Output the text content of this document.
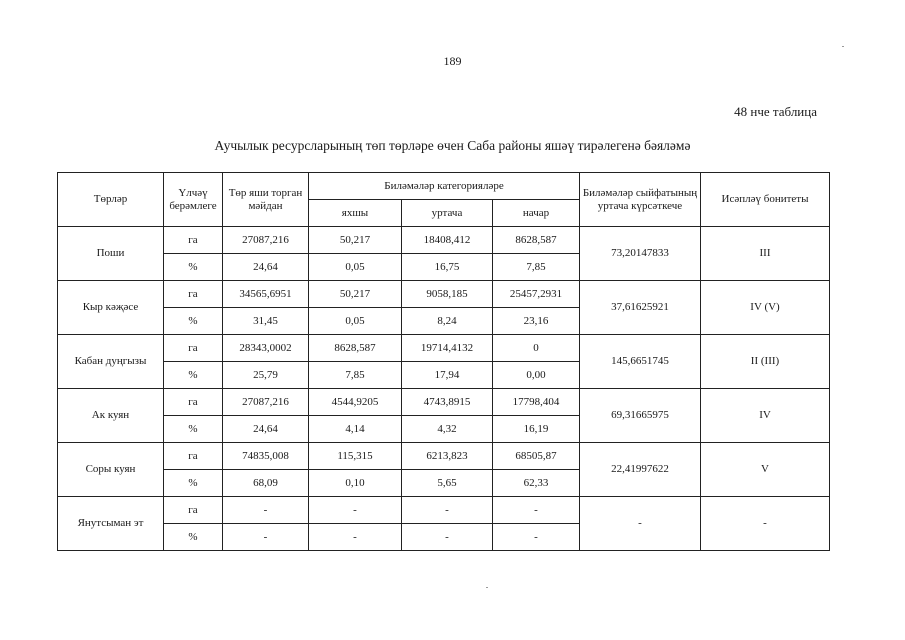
189
48 нче таблица
Аучылык ресурсларының төп төрләре өчен Саба районы яшәү тирәлегенә бәяләмә
Төрләр	Үлчәү берәмлеге	Төр яши торган мәйдан	Биләмәләр категорияләре			Биләмәләр сыйфатының уртача күрсәткече	Исәпләү бонитеты
			яхшы	уртача	начар		
Поши	га	27087,216	50,217	18408,412	8628,587	73,20147833	III
	%	24,64	0,05	16,75	7,85		
Кыр кәҗәсе	га	34565,6951	50,217	9058,185	25457,2931	37,61625921	IV (V)
	%	31,45	0,05	8,24	23,16		
Кабан дуңгызы	га	28343,0002	8628,587	19714,4132	0	145,6651745	II (III)
	%	25,79	7,85	17,94	0,00		
Ак куян	га	27087,216	4544,9205	4743,8915	17798,404	69,31665975	IV
	%	24,64	4,14	4,32	16,19		
Соры куян	га	74835,008	115,315	6213,823	68505,87	22,41997622	V
	%	68,09	0,10	5,65	62,33		
Янутсыман эт	га	-	-	-	-	-	-
	%	-	-	-	-		
